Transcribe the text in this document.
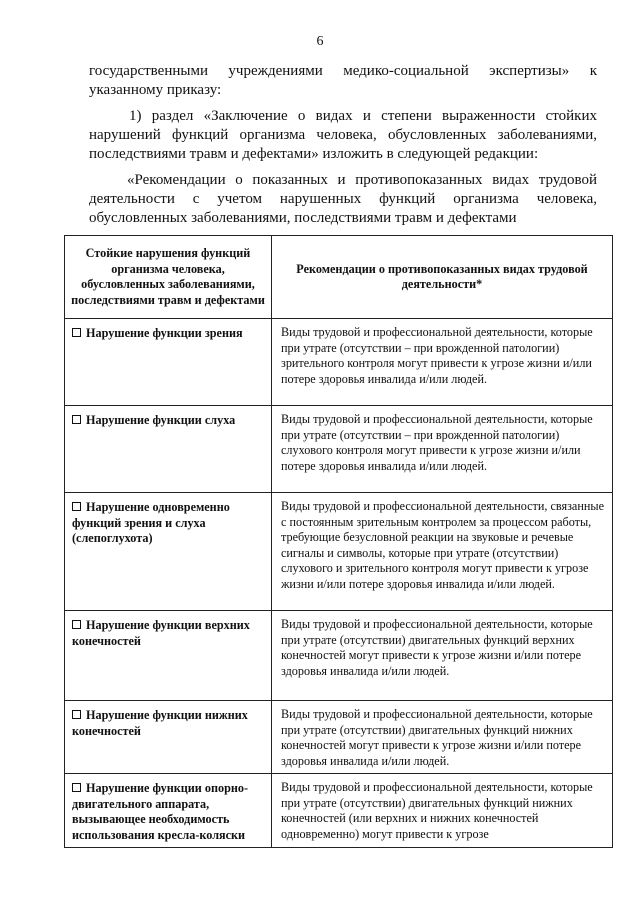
6
государственными учреждениями медико-социальной экспертизы» к
указанному приказу:
1) раздел «Заключение о видах и степени выраженности стойких
нарушений функций организма человека, обусловленных заболеваниями,
последствиями травм и дефектами» изложить в следующей редакции:
«Рекомендации о показанных и противопоказанных видах трудовой
деятельности с учетом нарушенных функций организма человека,
обусловленных заболеваниями, последствиями травм и дефектами
Стойкие нарушения функций организма человека, обусловленных заболеваниями, последствиями травм и дефектами	Рекомендации о противопоказанных видах трудовой деятельности*
Нарушение функции зрения	Виды трудовой и профессиональной деятельности, которые при утрате (отсутствии – при врожденной патологии) зрительного контроля могут привести к угрозе жизни и/или потере здоровья инвалида и/или людей.
Нарушение функции слуха	Виды трудовой и профессиональной деятельности, которые при утрате (отсутствии – при врожденной патологии) слухового контроля могут привести к угрозе жизни и/или потере здоровья инвалида и/или людей.
Нарушение одновременно функций зрения и слуха (слепоглухота)	Виды трудовой и профессиональной деятельности, связанные с постоянным зрительным контролем за процессом работы, требующие безусловной реакции на звуковые и речевые сигналы и символы, которые при утрате (отсутствии) слухового и зрительного контроля могут привести к угрозе жизни и/или потере здоровья инвалида и/или людей.
Нарушение функции верхних конечностей	Виды трудовой и профессиональной деятельности, которые при утрате (отсутствии) двигательных функций верхних конечностей могут привести к угрозе жизни и/или потере здоровья инвалида и/или людей.
Нарушение функции нижних конечностей	Виды трудовой и профессиональной деятельности, которые при утрате (отсутствии) двигательных функций нижних конечностей могут привести к угрозе жизни и/или потере здоровья инвалида и/или людей.
Нарушение функции опорно-двигательного аппарата, вызывающее необходимость использования кресла-коляски	Виды трудовой и профессиональной деятельности, которые при утрате (отсутствии) двигательных функций нижних конечностей (или верхних и нижних конечностей одновременно) могут привести к угрозе
